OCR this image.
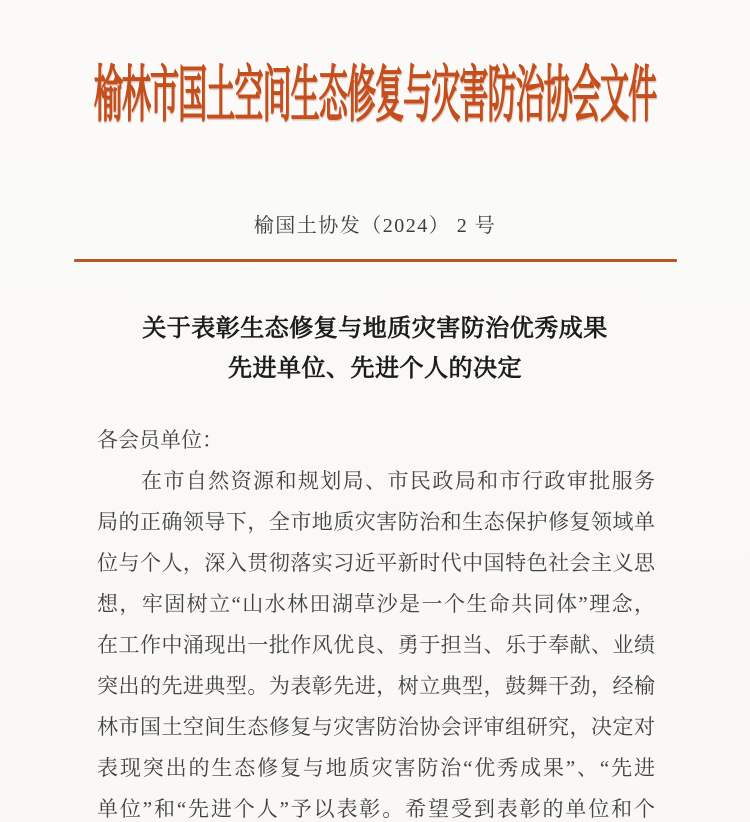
榆林市国土空间生态修复与灾害防治协会文件
榆国土协发（2024） 2 号
关于表彰生态修复与地质灾害防治优秀成果
先进单位、先进个人的决定
各会员单位：
在市自然资源和规划局、市民政局和市行政审批服务
局的正确领导下，全市地质灾害防治和生态保护修复领域单
位与个人，深入贯彻落实习近平新时代中国特色社会主义思
想，牢固树立“山水林田湖草沙是一个生命共同体”理念，
在工作中涌现出一批作风优良、勇于担当、乐于奉献、业绩
突出的先进典型。为表彰先进，树立典型，鼓舞干劲，经榆
林市国土空间生态修复与灾害防治协会评审组研究，决定对
表现突出的生态修复与地质灾害防治“优秀成果”、“先进
单位”和“先进个人”予以表彰。希望受到表彰的单位和个
